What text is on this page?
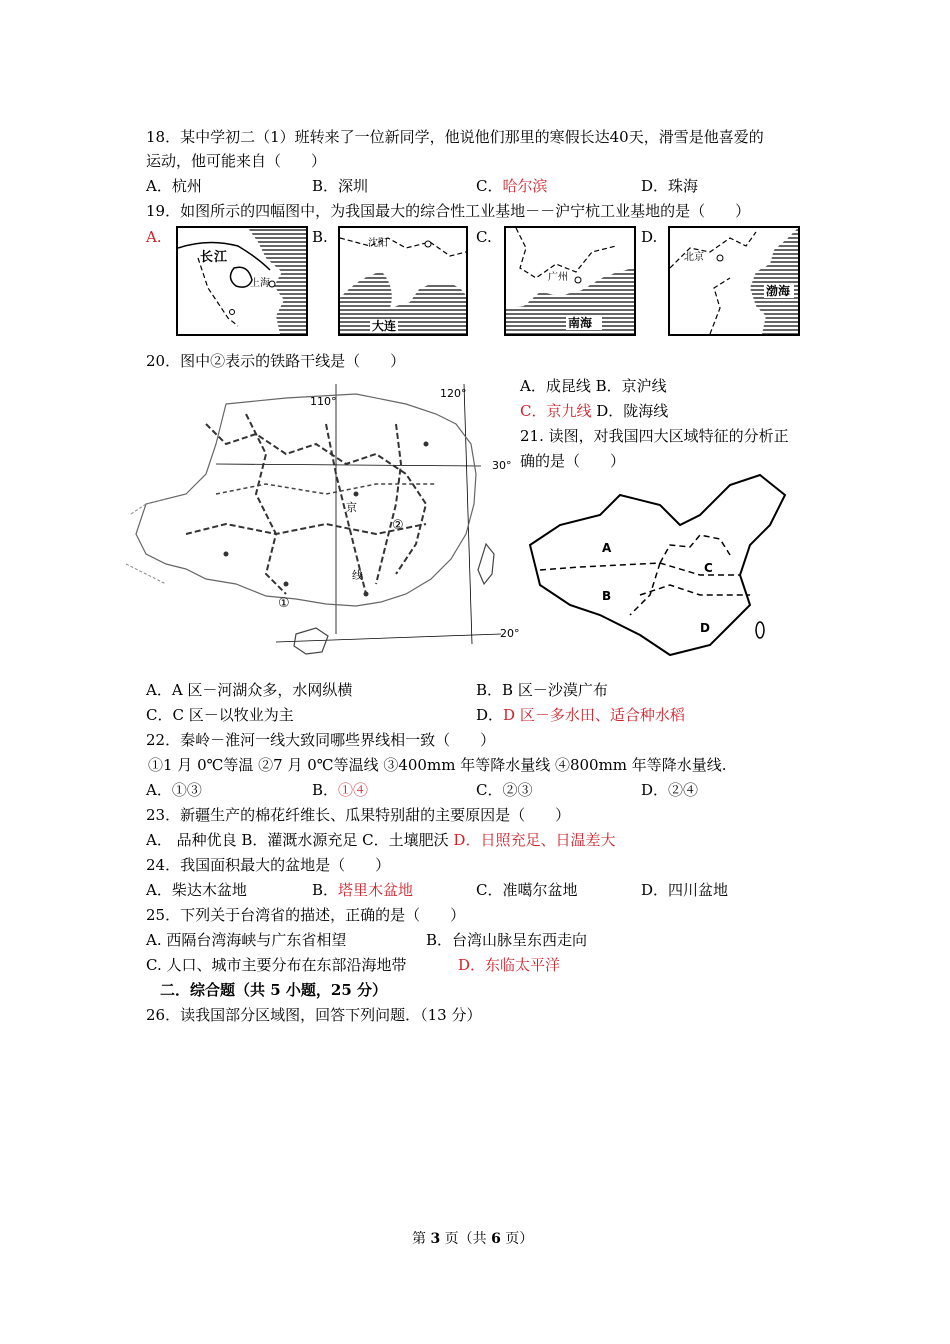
18．某中学初二（1）班转来了一位新同学，他说他们那里的寒假长达40天，滑雪是他喜爱的
运动，他可能来自（　　）
A．杭州	B．深圳	C．哈尔滨	D．珠海
19．如图所示的四幅图中，为我国最大的综合性工业基地－－沪宁杭工业基地的是（　　）
A.	B.	C.	D.
长 江
上海
沈阳
大连
广州
南海
北京
渤海
20．图中②表示的铁路干线是（　　）
A．成昆线 B．京沪线
C．京九线 D．陇海线
110°
120°
30°
20°
①
②
京
线
21. 读图，对我国四大区域特征的分析正
确的是（　　）
A
B
C
D
A．A 区－河湖众多，水网纵横	B．B 区－沙漠广布
C．C 区－以牧业为主	D．D 区－多水田、适合种水稻
22．秦岭－淮河一线大致同哪些界线相一致（　　）
①1 月 0℃等温 ②7 月 0℃等温线 ③400mm 年等降水量线 ④800mm 年等降水量线.
A．①③	B．①④	C．②③	D．②④
23．新疆生产的棉花纤维长、瓜果特别甜的主要原因是（　　）
A． 品种优良 B．灌溉水源充足 C．土壤肥沃 D．日照充足、日温差大
24．我国面积最大的盆地是（　　）
A．柴达木盆地	B．塔里木盆地	C．准噶尔盆地	D．四川盆地
25．下列关于台湾省的描述，正确的是（　　）
A. 西隔台湾海峡与广东省相望	B．台湾山脉呈东西走向
C. 人口、城市主要分布在东部沿海地带	D．东临太平洋
二．综合题（共 5 小题，25 分）
26．读我国部分区域图，回答下列问题．（13 分）
第 3 页（共 6 页）
